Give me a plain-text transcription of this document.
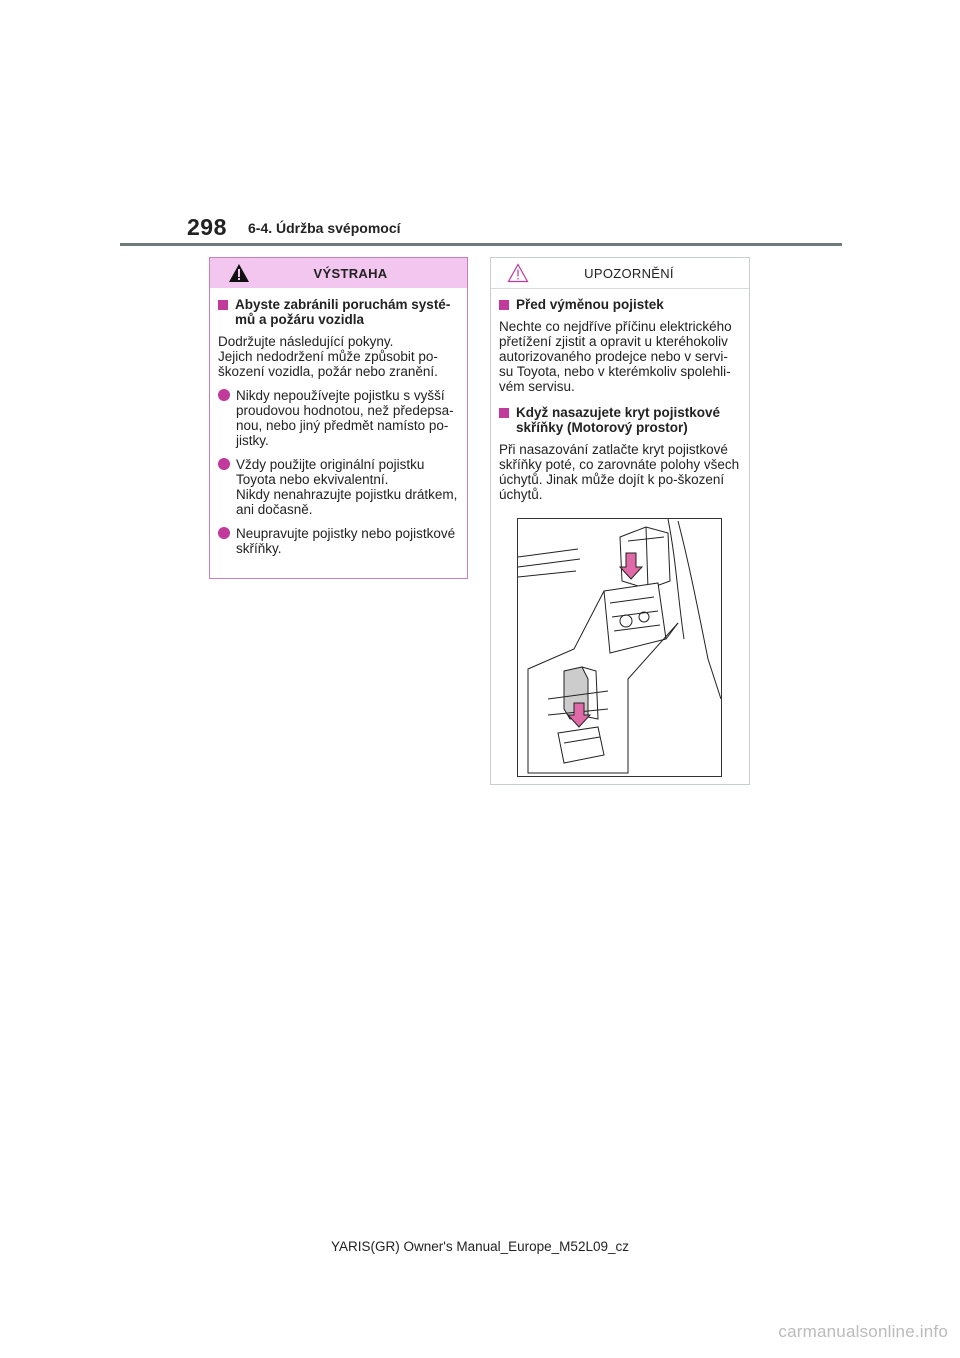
298 6-4. Údržba svépomocí
VÝSTRAHA
Abyste zabránili poruchám systé-mů a požáru vozidla
Dodržujte následující pokyny.
Jejich nedodržení může způsobit po-škození vozidla, požár nebo zranění.
Nikdy nepoužívejte pojistku s vyšší proudovou hodnotou, než předepsa-nou, nebo jiný předmět namísto po-jistky.
Vždy použijte originální pojistku Toyota nebo ekvivalentní.
Nikdy nenahrazujte pojistku drátkem, ani dočasně.
Neupravujte pojistky nebo pojistkové skříňky.
UPOZORNĚNÍ
Před výměnou pojistek
Nechte co nejdříve příčinu elektrického přetížení zjistit a opravit u kteréhokoliv autorizovaného prodejce nebo v servi-su Toyota, nebo v kterémkoliv spolehli-vém servisu.
Když nasazujete kryt pojistkové skříňky (Motorový prostor)
Při nasazování zatlačte kryt pojistkové skříňky poté, co zarovnáte polohy všech úchytů. Jinak může dojít k po-škození úchytů.
YARIS(GR) Owner's Manual_Europe_M52L09_cz
carmanualsonline.info
